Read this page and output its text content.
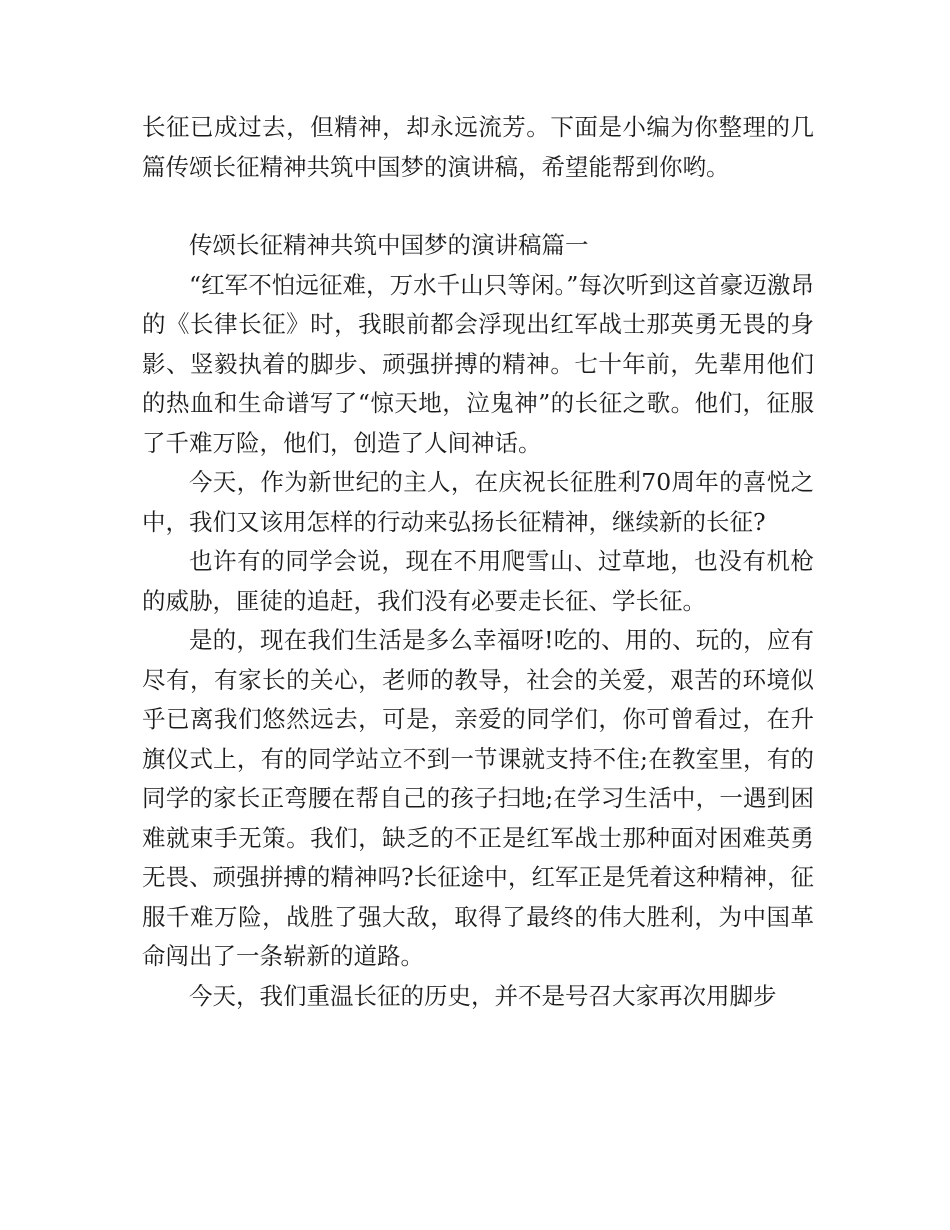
长征已成过去，但精神，却永远流芳。下面是小编为你整理的几篇传颂长征精神共筑中国梦的演讲稿，希望能帮到你哟。

传颂长征精神共筑中国梦的演讲稿篇一

“红军不怕远征难，万水千山只等闲。”每次听到这首豪迈激昂的《长律长征》时，我眼前都会浮现出红军战士那英勇无畏的身影、竖毅执着的脚步、顽强拼搏的精神。七十年前，先辈用他们的热血和生命谱写了“惊天地，泣鬼神”的长征之歌。他们，征服了千难万险，他们，创造了人间神话。

今天，作为新世纪的主人，在庆祝长征胜利70周年的喜悦之中，我们又该用怎样的行动来弘扬长征精神，继续新的长征?

也许有的同学会说，现在不用爬雪山、过草地，也没有机枪的威胁，匪徒的追赶，我们没有必要走长征、学长征。

是的，现在我们生活是多么幸福呀!吃的、用的、玩的，应有尽有，有家长的关心，老师的教导，社会的关爱，艰苦的环境似乎已离我们悠然远去，可是，亲爱的同学们，你可曾看过，在升旗仪式上，有的同学站立不到一节课就支持不住;在教室里，有的同学的家长正弯腰在帮自己的孩子扫地;在学习生活中，一遇到困难就束手无策。我们，缺乏的不正是红军战士那种面对困难英勇无畏、顽强拼搏的精神吗?长征途中，红军正是凭着这种精神，征服千难万险，战胜了强大敌，取得了最终的伟大胜利，为中国革命闯出了一条崭新的道路。

今天，我们重温长征的历史，并不是号召大家再次用脚步
